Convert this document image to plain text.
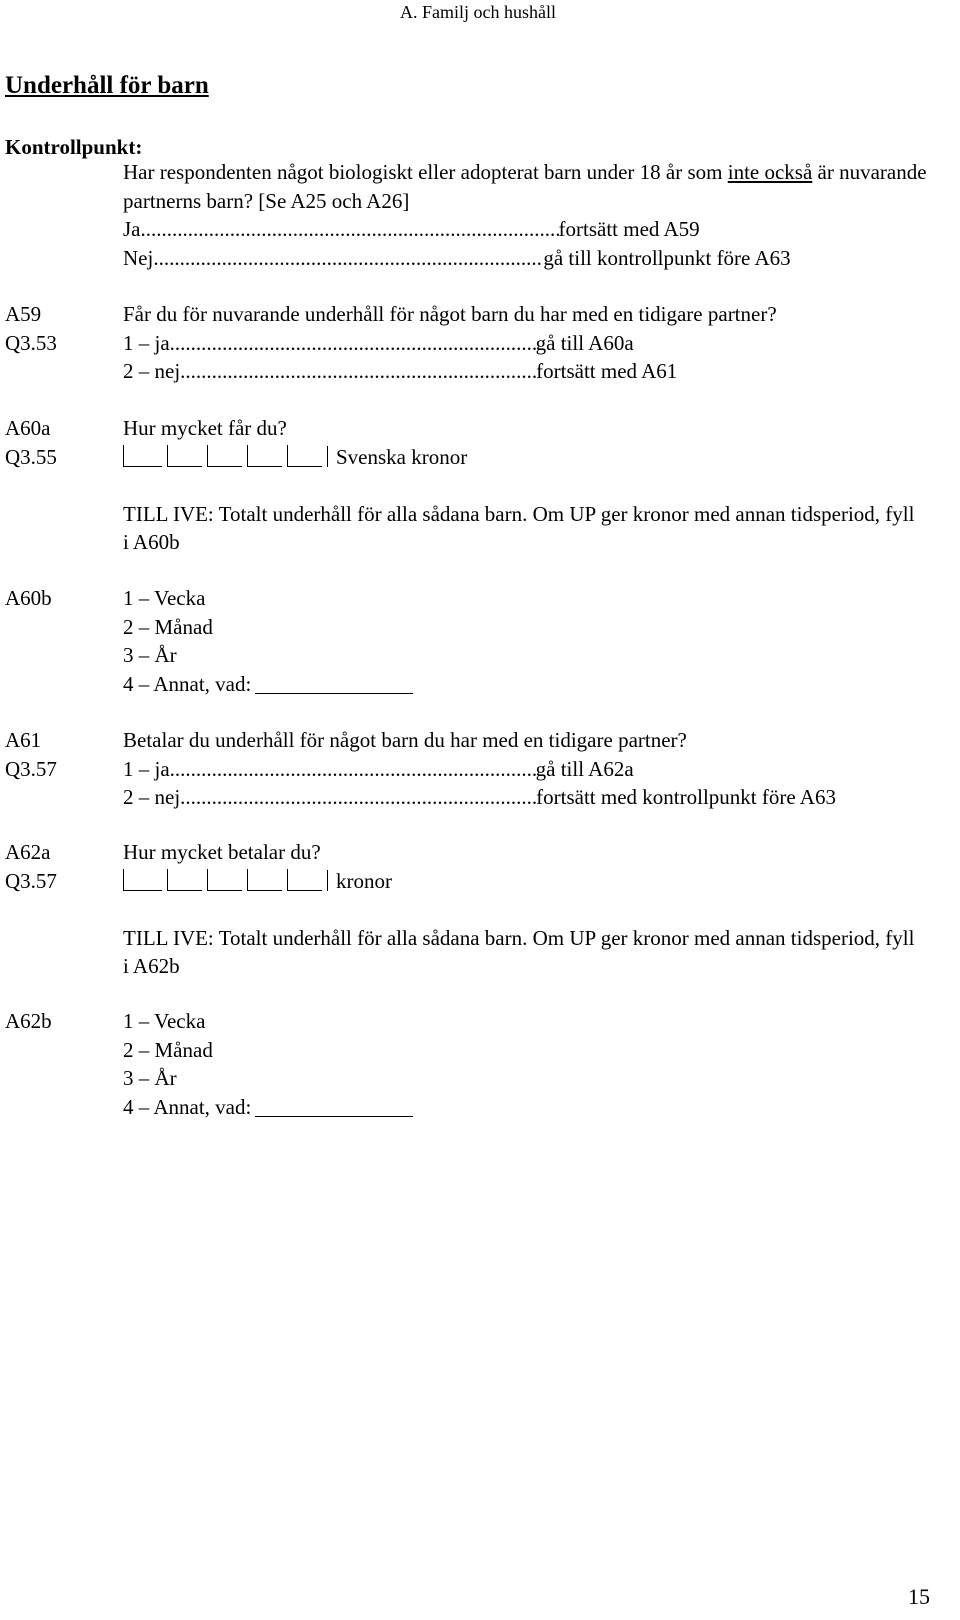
A. Familj och hushåll
Underhåll för barn
Kontrollpunkt:
Har respondenten något biologiskt eller adopterat barn under 18 år som inte också är nuvarande partnerns barn? [Se A25 och A26]
Ja .....	fortsätt med A59
Nej .....	gå till kontrollpunkt före A63
A59
Q3.53
Får du för nuvarande underhåll för något barn du har med en tidigare partner?
1 – ja .....	gå till A60a
2 – nej .....	fortsätt med A61
A60a
Q3.55
Hur mycket får du?
Svenska kronor
TILL IVE: Totalt underhåll för alla sådana barn. Om UP ger kronor med annan tidsperiod, fyll i A60b
A60b	1 – Vecka
2 – Månad
3 – År
4 – Annat, vad:
A61
Q3.57
Betalar du underhåll för något barn du har med en tidigare partner?
1 – ja .....	gå till A62a
2 – nej .....	fortsätt med kontrollpunkt före A63
A62a
Q3.57
Hur mycket betalar du?
kronor
TILL IVE: Totalt underhåll för alla sådana barn. Om UP ger kronor med annan tidsperiod, fyll i A62b
A62b	1 – Vecka
2 – Månad
3 – År
4 – Annat, vad:
15
